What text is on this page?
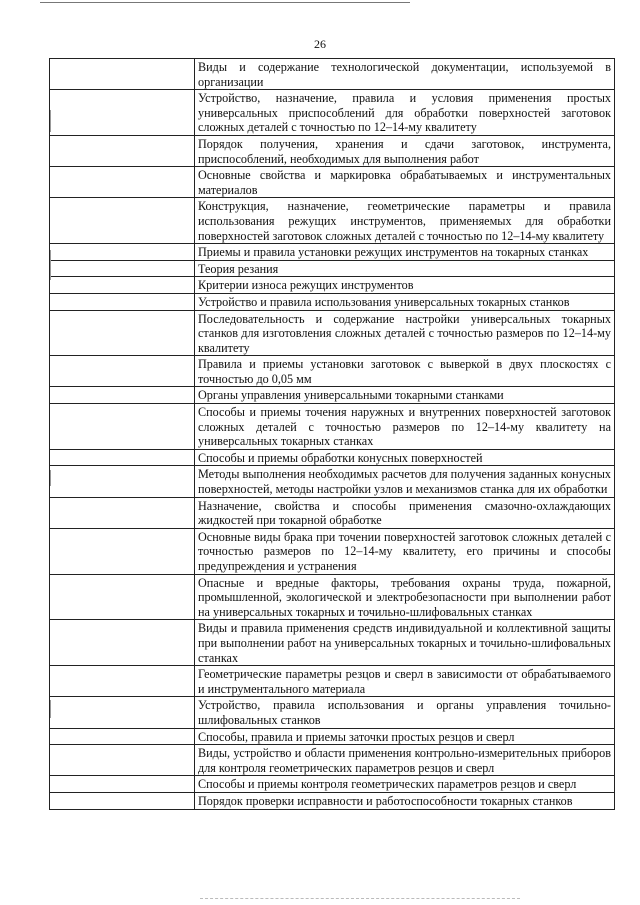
26

	Виды и содержание технологической документации, используемой в организации

	Устройство, назначение, правила и условия применения простых универсальных приспособлений для обработки поверхностей заготовок сложных деталей с точностью по 12–14-му квалитету

	Порядок получения, хранения и сдачи заготовок, инструмента, приспособлений, необходимых для выполнения работ

	Основные свойства и маркировка обрабатываемых и инструментальных материалов

	Конструкция, назначение, геометрические параметры и правила использования режущих инструментов, применяемых для обработки поверхностей заготовок сложных деталей с точностью по 12–14-му квалитету

	Приемы и правила установки режущих инструментов на токарных станках

	Теория резания

	Критерии износа режущих инструментов

	Устройство и правила использования универсальных токарных станков

	Последовательность и содержание настройки универсальных токарных станков для изготовления сложных деталей с точностью размеров по 12–14-му квалитету

	Правила и приемы установки заготовок с выверкой в двух плоскостях с точностью до 0,05 мм

	Органы управления универсальными токарными станками

	Способы и приемы точения наружных и внутренних поверхностей заготовок сложных деталей с точностью размеров по 12–14-му квалитету на универсальных токарных станках

	Способы и приемы обработки конусных поверхностей

	Методы выполнения необходимых расчетов для получения заданных конусных поверхностей, методы настройки узлов и механизмов станка для их обработки

	Назначение, свойства и способы применения смазочно-охлаждающих жидкостей при токарной обработке

	Основные виды брака при точении поверхностей заготовок сложных деталей с точностью размеров по 12–14-му квалитету, его причины и способы предупреждения и устранения

	Опасные и вредные факторы, требования охраны труда, пожарной, промышленной, экологической и электробезопасности при выполнении работ на универсальных токарных и точильно-шлифовальных станках

	Виды и правила применения средств индивидуальной и коллективной защиты при выполнении работ на универсальных токарных и точильно-шлифовальных станках

	Геометрические параметры резцов и сверл в зависимости от обрабатываемого и инструментального материала

	Устройство, правила использования и органы управления точильно-шлифовальных станков

	Способы, правила и приемы заточки простых резцов и сверл

	Виды, устройство и области применения контрольно-измерительных приборов для контроля геометрических параметров резцов и сверл

	Способы и приемы контроля геометрических параметров резцов и сверл

	Порядок проверки исправности и работоспособности токарных станков
